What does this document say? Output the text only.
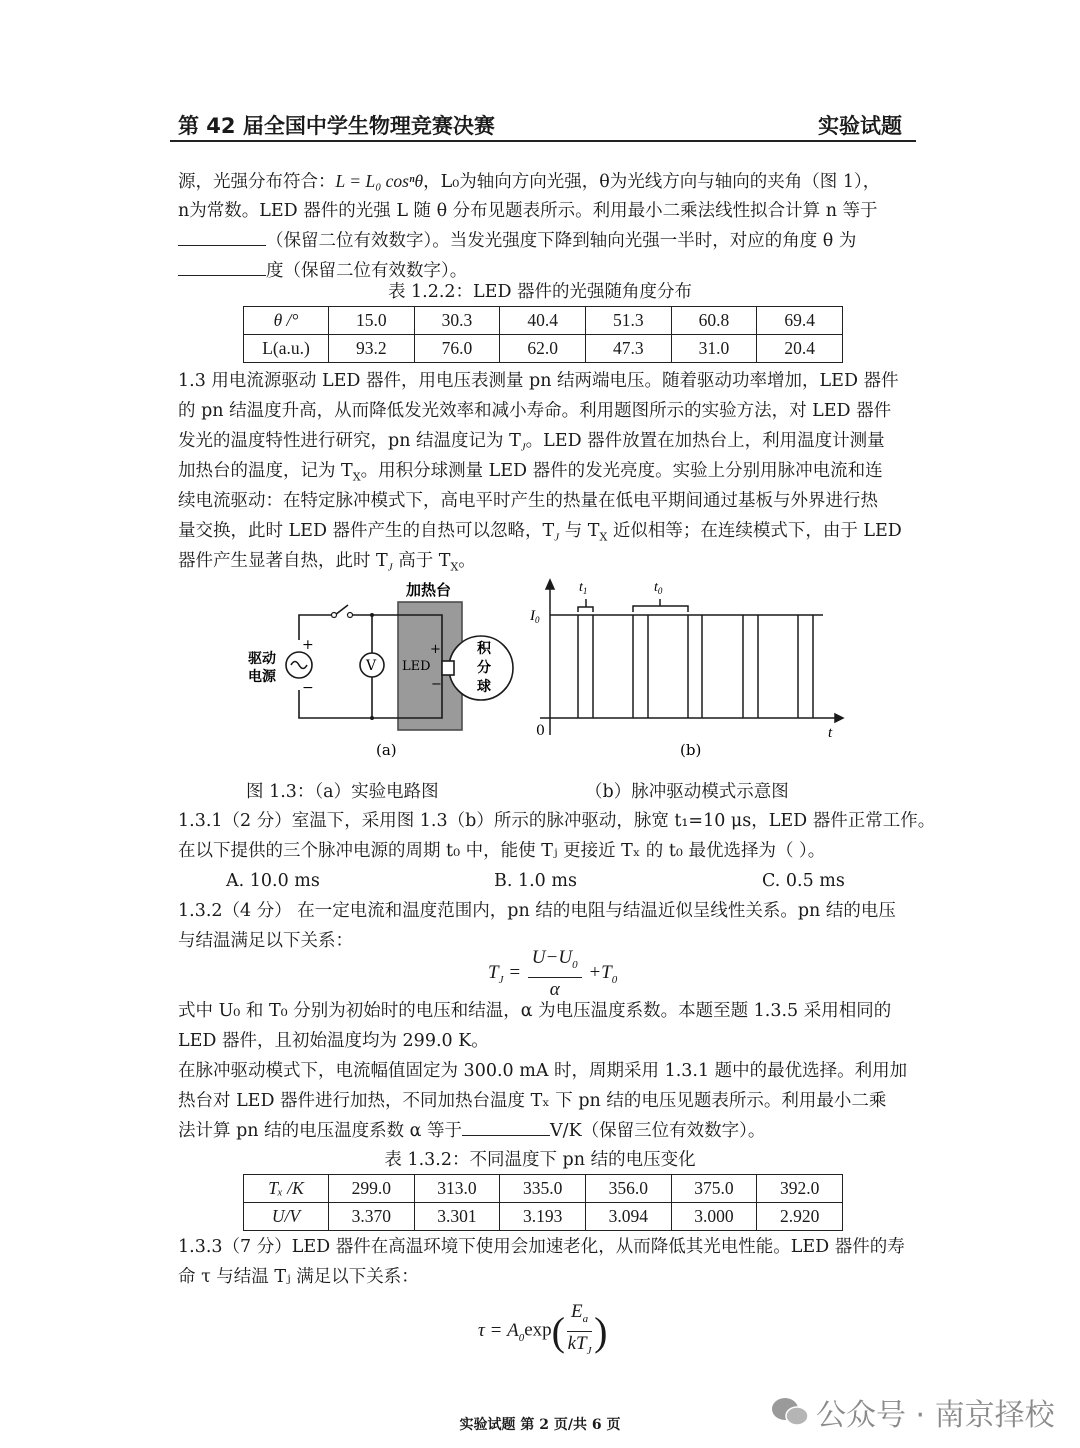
第 42 届全国中学生物理竞赛决赛	实验试题
源，光强分布符合：L = L₀ cosⁿθ，L₀为轴向方向光强，θ为光线方向与轴向的夹角（图 1），
n为常数。LED 器件的光强 L 随 θ 分布见题表所示。利用最小二乘法线性拟合计算 n 等于
（保留二位有效数字）。当发光强度下降到轴向光强一半时，对应的角度 θ 为
度（保留二位有效数字）。
表 1.2.2：LED 器件的光强随角度分布
θ /°	15.0	30.3	40.4	51.3	60.8	69.4
L(a.u.)	93.2	76.0	62.0	47.3	31.0	20.4
1.3 用电流源驱动 LED 器件，用电压表测量 pn 结两端电压。随着驱动功率增加，LED 器件
的 pn 结温度升高，从而降低发光效率和减小寿命。利用题图所示的实验方法，对 LED 器件
发光的温度特性进行研究，pn 结温度记为 $T_J$。LED 器件放置在加热台上，利用温度计测量
加热台的温度，记为 $T_X$。用积分球测量 LED 器件的发光亮度。实验上分别用脉冲电流和连
续电流驱动：在特定脉冲模式下，高电平时产生的热量在低电平期间通过基板与外界进行热
量交换，此时 LED 器件产生的自热可以忽略，$T_J$ 与 $T_X$ 近似相等；在连续模式下，由于 LED
器件产生显著自热，此时 $T_J$ 高于 $T_X$。
加热台
驱动
电源
+
−
V LED
+
−
积
分
球
(a)
$t_1$	$t_0$
$I_0$
0	t
(b)
图 1.3：（a）实验电路图	（b）脉冲驱动模式示意图
1.3.1（2 分）室温下，采用图 1.3（b）所示的脉冲驱动，脉宽 t₁=10 μs，LED 器件正常工作。
在以下提供的三个脉冲电源的周期 t₀ 中，能使 Tⱼ 更接近 Tₓ 的 t₀ 最优选择为（ ）。
A. 10.0 ms	B. 1.0 ms	C. 0.5 ms
1.3.2（4 分） 在一定电流和温度范围内，pn 结的电阻与结温近似呈线性关系。pn 结的电压
与结温满足以下关系：
$T_J = \frac{U-U_0}{\alpha} +T_0$
式中 U₀ 和 T₀ 分别为初始时的电压和结温，α 为电压温度系数。本题至题 1.3.5 采用相同的
LED 器件，且初始温度均为 299.0 K。
在脉冲驱动模式下，电流幅值固定为 300.0 mA 时，周期采用 1.3.1 题中的最优选择。利用加
热台对 LED 器件进行加热，不同加热台温度 Tₓ 下 pn 结的电压见题表所示。利用最小二乘
法计算 pn 结的电压温度系数 α 等于	V/K（保留三位有效数字）。
表 1.3.2：不同温度下 pn 结的电压变化
Tₓ /K	299.0	313.0	335.0	356.0	375.0	392.0
U/V	3.370	3.301	3.193	3.094	3.000	2.920
1.3.3（7 分）LED 器件在高温环境下使用会加速老化，从而降低其光电性能。LED 器件的寿
命 τ 与结温 Tⱼ 满足以下关系：
$\tau = A_0\exp( \frac{E_a}{kT_J}$ )
公众号 · 南京择校
实验试题 第 2 页/共 6 页
